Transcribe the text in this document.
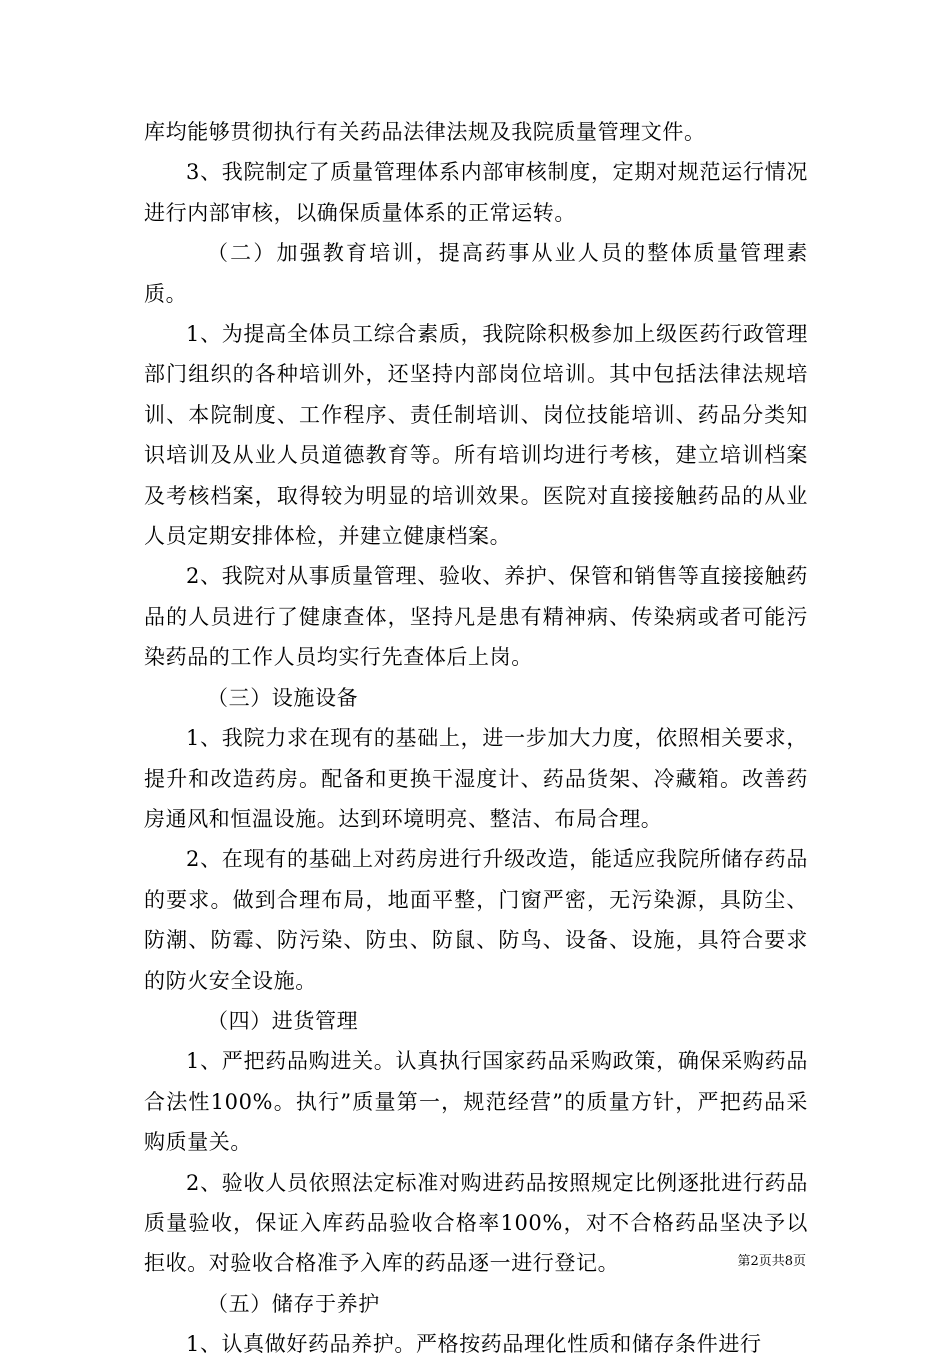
库均能够贯彻执行有关药品法律法规及我院质量管理文件。

3、我院制定了质量管理体系内部审核制度，定期对规范运行情况进行内部审核，以确保质量体系的正常运转。

（二）加强教育培训，提高药事从业人员的整体质量管理素质。

1、为提高全体员工综合素质，我院除积极参加上级医药行政管理部门组织的各种培训外，还坚持内部岗位培训。其中包括法律法规培训、本院制度、工作程序、责任制培训、岗位技能培训、药品分类知识培训及从业人员道德教育等。所有培训均进行考核，建立培训档案及考核档案，取得较为明显的培训效果。医院对直接接触药品的从业人员定期安排体检，并建立健康档案。

2、我院对从事质量管理、验收、养护、保管和销售等直接接触药品的人员进行了健康查体，坚持凡是患有精神病、传染病或者可能污染药品的工作人员均实行先查体后上岗。

（三）设施设备

1、我院力求在现有的基础上，进一步加大力度，依照相关要求，提升和改造药房。配备和更换干湿度计、药品货架、冷藏箱。改善药房通风和恒温设施。达到环境明亮、整洁、布局合理。

2、在现有的基础上对药房进行升级改造，能适应我院所储存药品的要求。做到合理布局，地面平整，门窗严密，无污染源，具防尘、防潮、防霉、防污染、防虫、防鼠、防鸟、设备、设施，具符合要求的防火安全设施。

（四）进货管理

1、严把药品购进关。认真执行国家药品采购政策，确保采购药品合法性100%。执行”质量第一，规范经营”的质量方针，严把药品采购质量关。

2、验收人员依照法定标准对购进药品按照规定比例逐批进行药品质量验收，保证入库药品验收合格率100%，对不合格药品坚决予以拒收。对验收合格准予入库的药品逐一进行登记。

（五）储存于养护

1、认真做好药品养护。严格按药品理化性质和储存条件进行

第2页共8页
